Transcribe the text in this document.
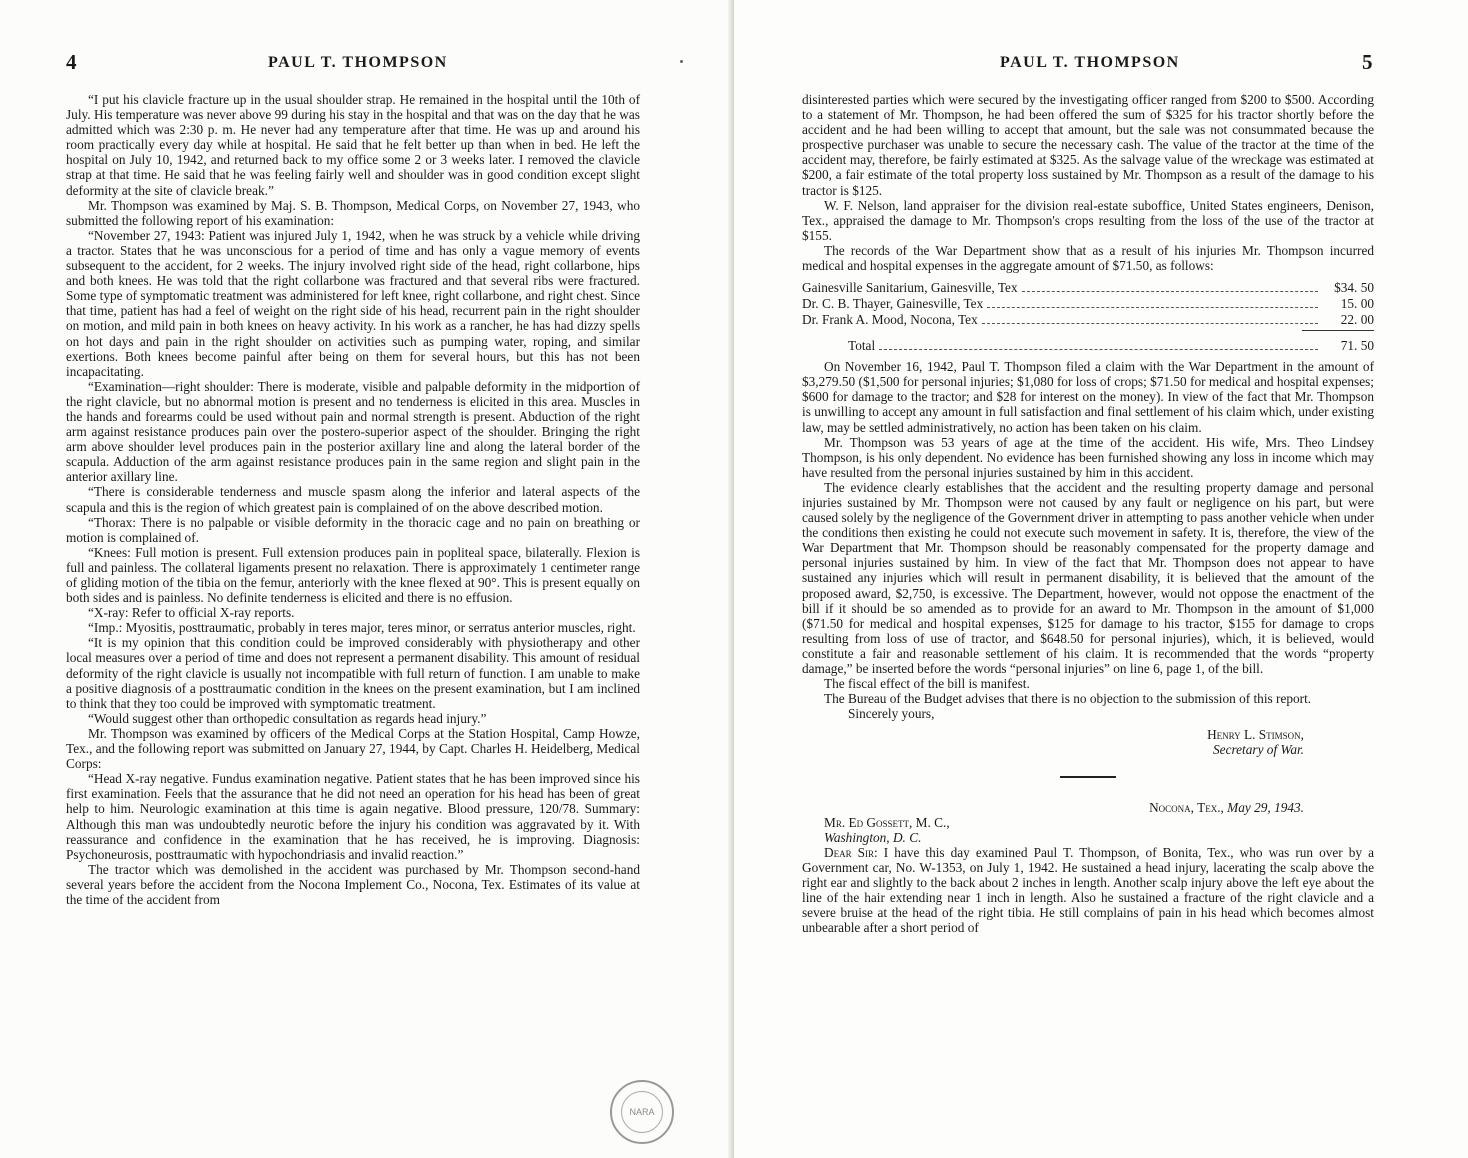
4	PAUL T. THOMPSON

“I put his clavicle fracture up in the usual shoulder strap. He remained in the hospital until the 10th of July. His temperature was never above 99 during his stay in the hospital and that was on the day that he was admitted which was 2:30 p. m. He never had any temperature after that time. He was up and around his room practically every day while at hospital. He said that he felt better up than when in bed. He left the hospital on July 10, 1942, and returned back to my office some 2 or 3 weeks later. I removed the clavicle strap at that time. He said that he was feeling fairly well and shoulder was in good condition except slight deformity at the site of clavicle break.”

Mr. Thompson was examined by Maj. S. B. Thompson, Medical Corps, on November 27, 1943, who submitted the following report of his examination:

“November 27, 1943: Patient was injured July 1, 1942, when he was struck by a vehicle while driving a tractor. States that he was unconscious for a period of time and has only a vague memory of events subsequent to the accident, for 2 weeks. The injury involved right side of the head, right collarbone, hips and both knees. He was told that the right collarbone was fractured and that several ribs were fractured. Some type of symptomatic treatment was administered for left knee, right collarbone, and right chest. Since that time, patient has had a feel of weight on the right side of his head, recurrent pain in the right shoulder on motion, and mild pain in both knees on heavy activity. In his work as a rancher, he has had dizzy spells on hot days and pain in the right shoulder on activities such as pumping water, roping, and similar exertions. Both knees become painful after being on them for several hours, but this has not been incapacitating.

“Examination—right shoulder: There is moderate, visible and palpable deformity in the midportion of the right clavicle, but no abnormal motion is present and no tenderness is elicited in this area. Muscles in the hands and forearms could be used without pain and normal strength is present. Abduction of the right arm against resistance produces pain over the postero-superior aspect of the shoulder. Bringing the right arm above shoulder level produces pain in the posterior axillary line and along the lateral border of the scapula. Adduction of the arm against resistance produces pain in the same region and slight pain in the anterior axillary line.

“There is considerable tenderness and muscle spasm along the inferior and lateral aspects of the scapula and this is the region of which greatest pain is complained of on the above described motion.

“Thorax: There is no palpable or visible deformity in the thoracic cage and no pain on breathing or motion is complained of.

“Knees: Full motion is present. Full extension produces pain in popliteal space, bilaterally. Flexion is full and painless. The collateral ligaments present no relaxation. There is approximately 1 centimeter range of gliding motion of the tibia on the femur, anteriorly with the knee flexed at 90°. This is present equally on both sides and is painless. No definite tenderness is elicited and there is no effusion.

“X-ray: Refer to official X-ray reports.

“Imp.: Myositis, posttraumatic, probably in teres major, teres minor, or serratus anterior muscles, right.

“It is my opinion that this condition could be improved considerably with physiotherapy and other local measures over a period of time and does not represent a permanent disability. This amount of residual deformity of the right clavicle is usually not incompatible with full return of function. I am unable to make a positive diagnosis of a posttraumatic condition in the knees on the present examination, but I am inclined to think that they too could be improved with symptomatic treatment.

“Would suggest other than orthopedic consultation as regards head injury.”

Mr. Thompson was examined by officers of the Medical Corps at the Station Hospital, Camp Howze, Tex., and the following report was submitted on January 27, 1944, by Capt. Charles H. Heidelberg, Medical Corps:

“Head X-ray negative. Fundus examination negative. Patient states that he has been improved since his first examination. Feels that the assurance that he did not need an operation for his head has been of great help to him. Neurologic examination at this time is again negative. Blood pressure, 120/78. Summary: Although this man was undoubtedly neurotic before the injury his condition was aggravated by it. With reassurance and confidence in the examination that he has received, he is improving. Diagnosis: Psychoneurosis, posttraumatic with hypochondriasis and invalid reaction.”

The tractor which was demolished in the accident was purchased by Mr. Thompson second-hand several years before the accident from the Nocona Implement Co., Nocona, Tex. Estimates of its value at the time of the accident from

PAUL T. THOMPSON	5

disinterested parties which were secured by the investigating officer ranged from $200 to $500. According to a statement of Mr. Thompson, he had been offered the sum of $325 for his tractor shortly before the accident and he had been willing to accept that amount, but the sale was not consummated because the prospective purchaser was unable to secure the necessary cash. The value of the tractor at the time of the accident may, therefore, be fairly estimated at $325. As the salvage value of the wreckage was estimated at $200, a fair estimate of the total property loss sustained by Mr. Thompson as a result of the damage to his tractor is $125.

W. F. Nelson, land appraiser for the division real-estate suboffice, United States engineers, Denison, Tex., appraised the damage to Mr. Thompson's crops resulting from the loss of the use of the tractor at $155.

The records of the War Department show that as a result of his injuries Mr. Thompson incurred medical and hospital expenses in the aggregate amount of $71.50, as follows:

Gainesville Sanitarium, Gainesville, Tex	$34. 50
Dr. C. B. Thayer, Gainesville, Tex	15. 00
Dr. Frank A. Mood, Nocona, Tex	22. 00
Total	71. 50

On November 16, 1942, Paul T. Thompson filed a claim with the War Department in the amount of $3,279.50 ($1,500 for personal injuries; $1,080 for loss of crops; $71.50 for medical and hospital expenses; $600 for damage to the tractor; and $28 for interest on the money). In view of the fact that Mr. Thompson is unwilling to accept any amount in full satisfaction and final settlement of his claim which, under existing law, may be settled administratively, no action has been taken on his claim.

Mr. Thompson was 53 years of age at the time of the accident. His wife, Mrs. Theo Lindsey Thompson, is his only dependent. No evidence has been furnished showing any loss in income which may have resulted from the personal injuries sustained by him in this accident.

The evidence clearly establishes that the accident and the resulting property damage and personal injuries sustained by Mr. Thompson were not caused by any fault or negligence on his part, but were caused solely by the negligence of the Government driver in attempting to pass another vehicle when under the conditions then existing he could not execute such movement in safety. It is, therefore, the view of the War Department that Mr. Thompson should be reasonably compensated for the property damage and personal injuries sustained by him. In view of the fact that Mr. Thompson does not appear to have sustained any injuries which will result in permanent disability, it is believed that the amount of the proposed award, $2,750, is excessive. The Department, however, would not oppose the enactment of the bill if it should be so amended as to provide for an award to Mr. Thompson in the amount of $1,000 ($71.50 for medical and hospital expenses, $125 for damage to his tractor, $155 for damage to crops resulting from loss of use of tractor, and $648.50 for personal injuries), which, it is believed, would constitute a fair and reasonable settlement of his claim. It is recommended that the words “property damage,” be inserted before the words “personal injuries” on line 6, page 1, of the bill.

The fiscal effect of the bill is manifest.

The Bureau of the Budget advises that there is no objection to the submission of this report.

Sincerely yours,

Henry L. Stimson,
Secretary of War.
Nocona, Tex., May 29, 1943.

Mr. Ed Gossett, M. C.,

Washington, D. C.

Dear Sir: I have this day examined Paul T. Thompson, of Bonita, Tex., who was run over by a Government car, No. W-1353, on July 1, 1942. He sustained a head injury, lacerating the scalp above the right ear and slightly to the back about 2 inches in length. Another scalp injury above the left eye about the line of the hair extending near 1 inch in length. Also he sustained a fracture of the right clavicle and a severe bruise at the head of the right tibia. He still complains of pain in his head which becomes almost unbearable after a short period of

NARA
